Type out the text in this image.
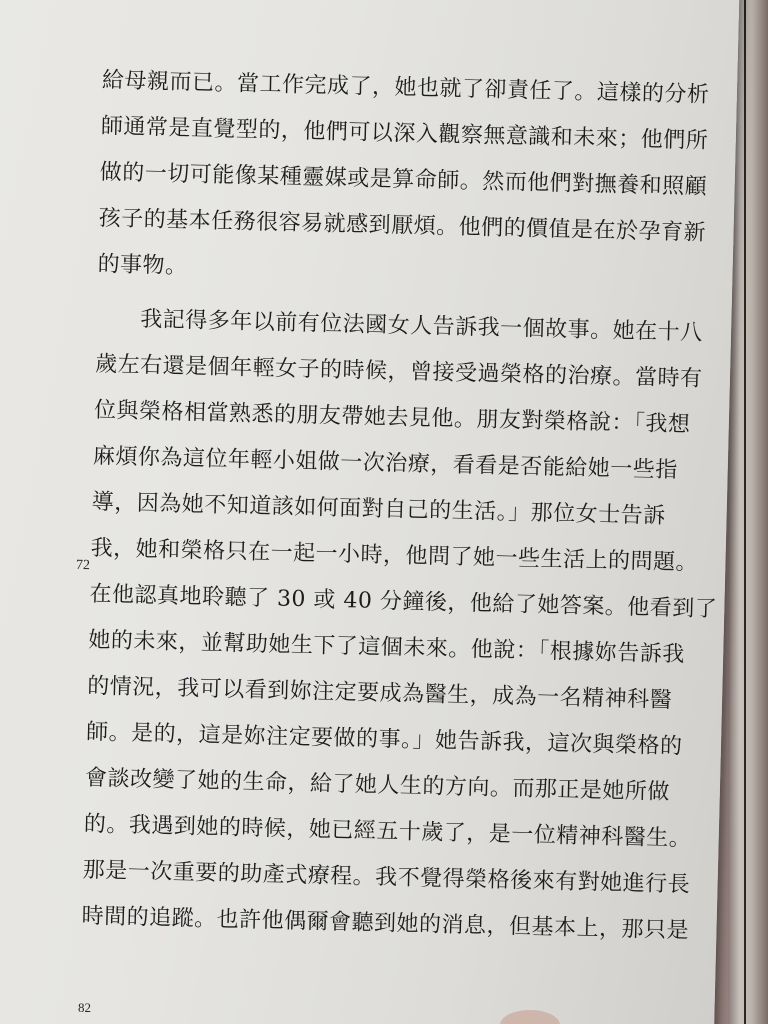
給母親而已。當工作完成了，她也就了卻責任了。這樣的分析
師通常是直覺型的，他們可以深入觀察無意識和未來；他們所
做的一切可能像某種靈媒或是算命師。然而他們對撫養和照顧
孩子的基本任務很容易就感到厭煩。他們的價值是在於孕育新
的事物。
我記得多年以前有位法國女人告訴我一個故事。她在十八
歲左右還是個年輕女子的時候，曾接受過榮格的治療。當時有
位與榮格相當熟悉的朋友帶她去見他。朋友對榮格說：「我想
麻煩你為這位年輕小姐做一次治療，看看是否能給她一些指
導，因為她不知道該如何面對自己的生活。」那位女士告訴
我，她和榮格只在一起一小時，他問了她一些生活上的問題。
在他認真地聆聽了 30 或 40 分鐘後，他給了她答案。他看到了
她的未來，並幫助她生下了這個未來。他說：「根據妳告訴我
的情況，我可以看到妳注定要成為醫生，成為一名精神科醫
師。是的，這是妳注定要做的事。」她告訴我，這次與榮格的
會談改變了她的生命，給了她人生的方向。而那正是她所做
的。我遇到她的時候，她已經五十歲了，是一位精神科醫生。
那是一次重要的助產式療程。我不覺得榮格後來有對她進行長
時間的追蹤。也許他偶爾會聽到她的消息，但基本上，那只是
72
82
